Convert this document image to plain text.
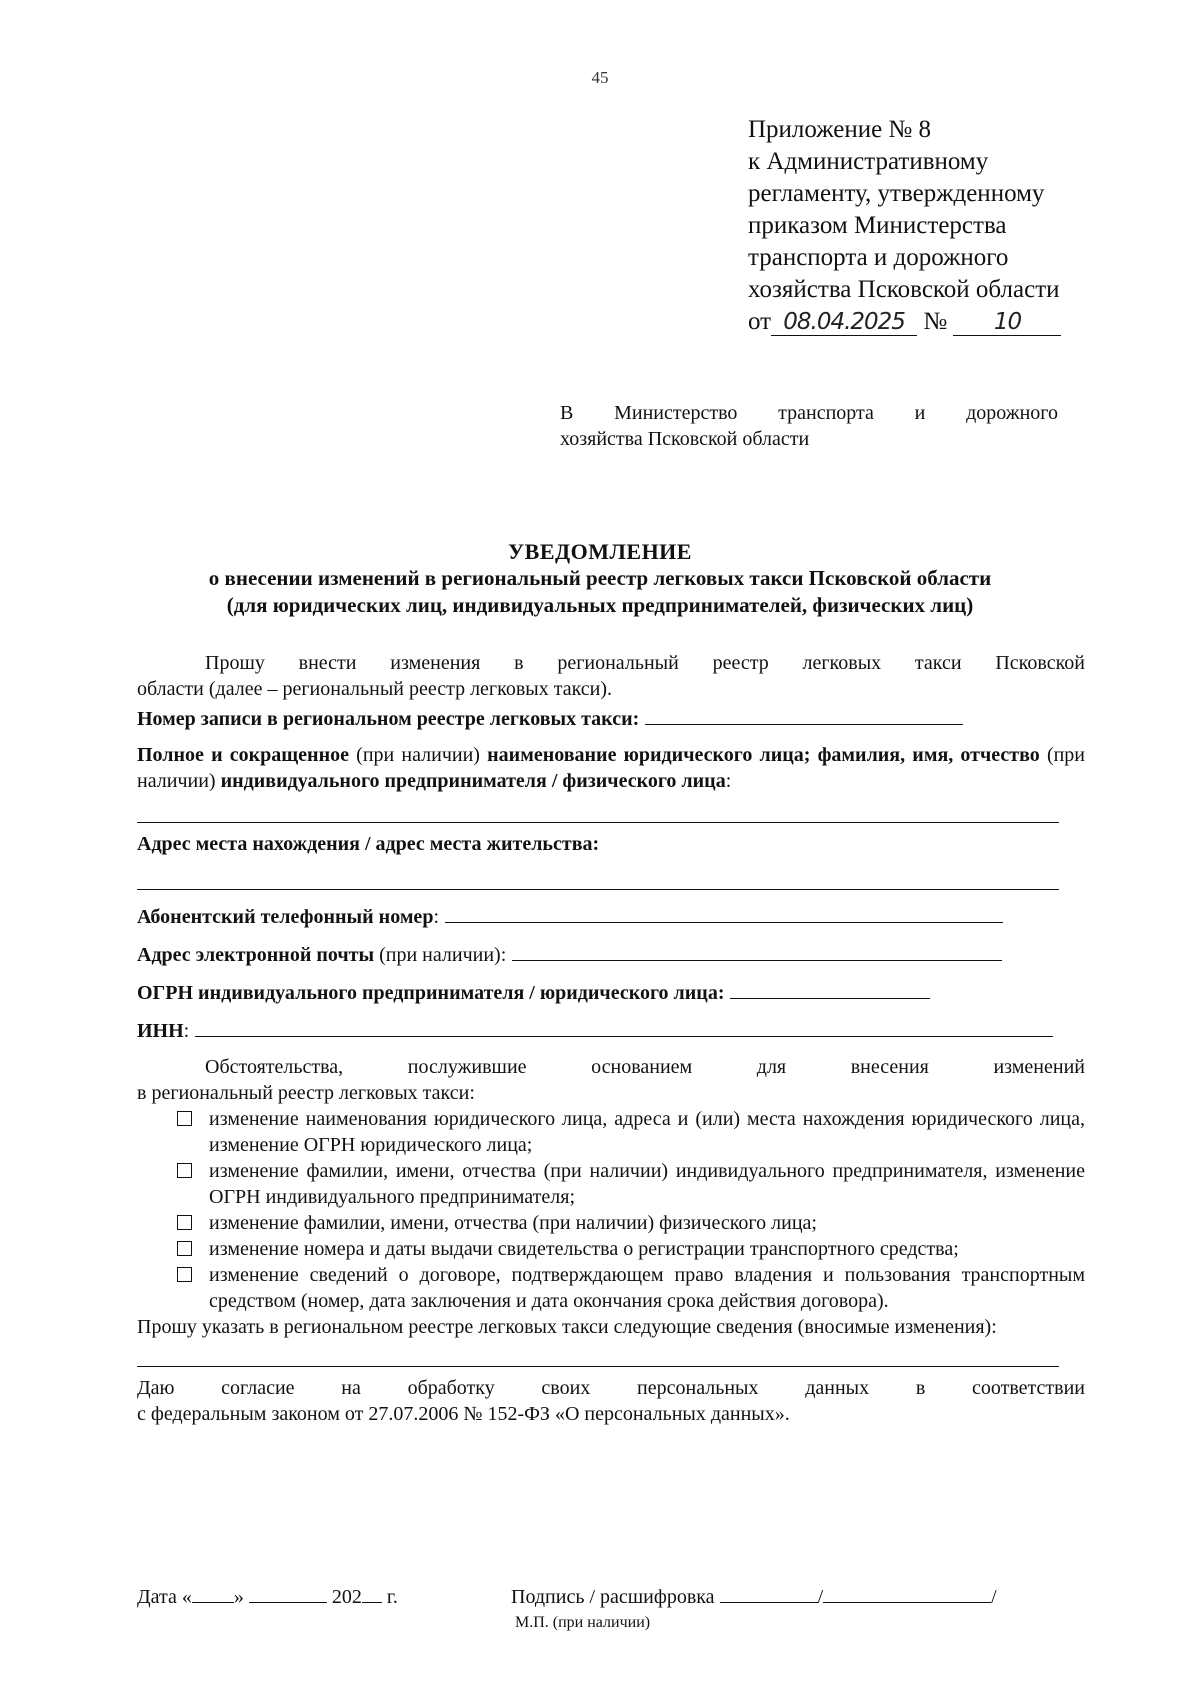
45
Приложение № 8
к Административному
регламенту, утвержденному
приказом Министерства
транспорта и дорожного
хозяйства Псковской области
от 08.04.2025 № 10
В Министерство транспорта и дорожного
хозяйства Псковской области
УВЕДОМЛЕНИЕ
о внесении изменений в региональный реестр легковых такси Псковской области
(для юридических лиц, индивидуальных предпринимателей, физических лиц)
Прошу внести изменения в региональный реестр легковых такси Псковской
области (далее – региональный реестр легковых такси).
Номер записи в региональном реестре легковых такси:
Полное и сокращенное (при наличии) наименование юридического лица; фамилия, имя, отчество (при наличии) индивидуального предпринимателя / физического лица:
Адрес места нахождения / адрес места жительства:
Абонентский телефонный номер :
Адрес электронной почты
(при наличии):
ОГРН индивидуального предпринимателя / юридического лица:
ИНН :
Обстоятельства, послужившие основанием для внесения изменений
в региональный реестр легковых такси:
изменение наименования юридического лица, адреса и (или) места нахождения юридического лица, изменение ОГРН юридического лица;
изменение фамилии, имени, отчества (при наличии) индивидуального предпринимателя, изменение ОГРН индивидуального предпринимателя;
изменение фамилии, имени, отчества (при наличии) физического лица;
изменение номера и даты выдачи свидетельства о регистрации транспортного средства;
изменение сведений о договоре, подтверждающем право владения и пользования транспортным средством (номер, дата заключения и дата окончания срока действия договора).
Прошу указать в региональном реестре легковых такси следующие сведения (вносимые изменения):
Даю согласие на обработку своих персональных данных в соответствии
с федеральным законом от 27.07.2006 № 152-ФЗ «О персональных данных».
Дата « »	202 г.	Подпись / расшифровка	/	/
М.П. (при наличии)
